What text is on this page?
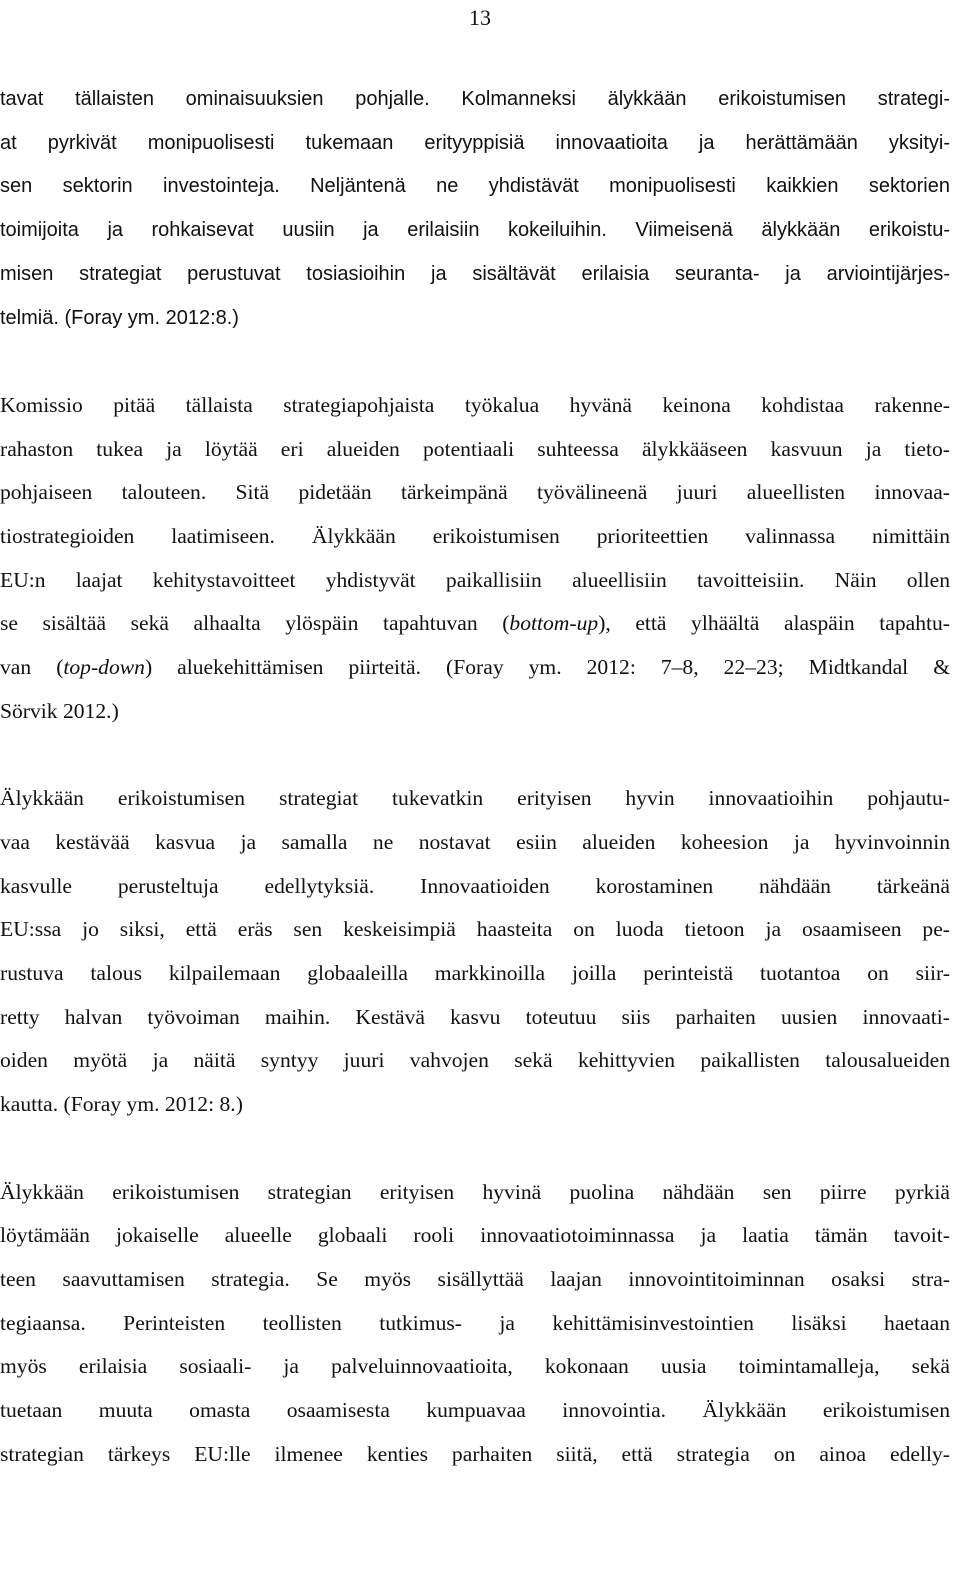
13
tavat tällaisten ominaisuuksien pohjalle. Kolmanneksi älykkään erikoistumisen strategi-
at pyrkivät monipuolisesti tukemaan erityyppisiä innovaatioita ja herättämään yksityi-
sen sektorin investointeja. Neljäntenä ne yhdistävät monipuolisesti kaikkien sektorien
toimijoita ja rohkaisevat uusiin ja erilaisiin kokeiluihin. Viimeisenä älykkään erikoistu-
misen strategiat perustuvat tosiasioihin ja sisältävät erilaisia seuranta- ja arviointijärjes-
telmiä. (Foray ym. 2012:8.)
Komissio pitää tällaista strategiapohjaista työkalua hyvänä keinona kohdistaa rakenne-
rahaston tukea ja löytää eri alueiden potentiaali suhteessa älykkääseen kasvuun ja tieto-
pohjaiseen talouteen. Sitä pidetään tärkeimpänä työvälineenä juuri alueellisten innovaa-
tiostrategioiden laatimiseen. Älykkään erikoistumisen prioriteettien valinnassa nimittäin
EU:n laajat kehitystavoitteet yhdistyvät paikallisiin alueellisiin tavoitteisiin. Näin ollen
se sisältää sekä alhaalta ylöspäin tapahtuvan (bottom-up), että ylhäältä alaspäin tapahtu-
van (top-down) aluekehittämisen piirteitä. (Foray ym. 2012: 7–8, 22–23; Midtkandal &
Sörvik 2012.)
Älykkään erikoistumisen strategiat tukevatkin erityisen hyvin innovaatioihin pohjautu-
vaa kestävää kasvua ja samalla ne nostavat esiin alueiden koheesion ja hyvinvoinnin
kasvulle perusteltuja edellytyksiä. Innovaatioiden korostaminen nähdään tärkeänä
EU:ssa jo siksi, että eräs sen keskeisimpiä haasteita on luoda tietoon ja osaamiseen pe-
rustuva talous kilpailemaan globaaleilla markkinoilla joilla perinteistä tuotantoa on siir-
retty halvan työvoiman maihin. Kestävä kasvu toteutuu siis parhaiten uusien innovaati-
oiden myötä ja näitä syntyy juuri vahvojen sekä kehittyvien paikallisten talousalueiden
kautta. (Foray ym. 2012: 8.)
Älykkään erikoistumisen strategian erityisen hyvinä puolina nähdään sen piirre pyrkiä
löytämään jokaiselle alueelle globaali rooli innovaatiotoiminnassa ja laatia tämän tavoit-
teen saavuttamisen strategia. Se myös sisällyttää laajan innovointitoiminnan osaksi stra-
tegiaansa. Perinteisten teollisten tutkimus- ja kehittämisinvestointien lisäksi haetaan
myös erilaisia sosiaali- ja palveluinnovaatioita, kokonaan uusia toimintamalleja, sekä
tuetaan muuta omasta osaamisesta kumpuavaa innovointia. Älykkään erikoistumisen
strategian tärkeys EU:lle ilmenee kenties parhaiten siitä, että strategia on ainoa edelly-
